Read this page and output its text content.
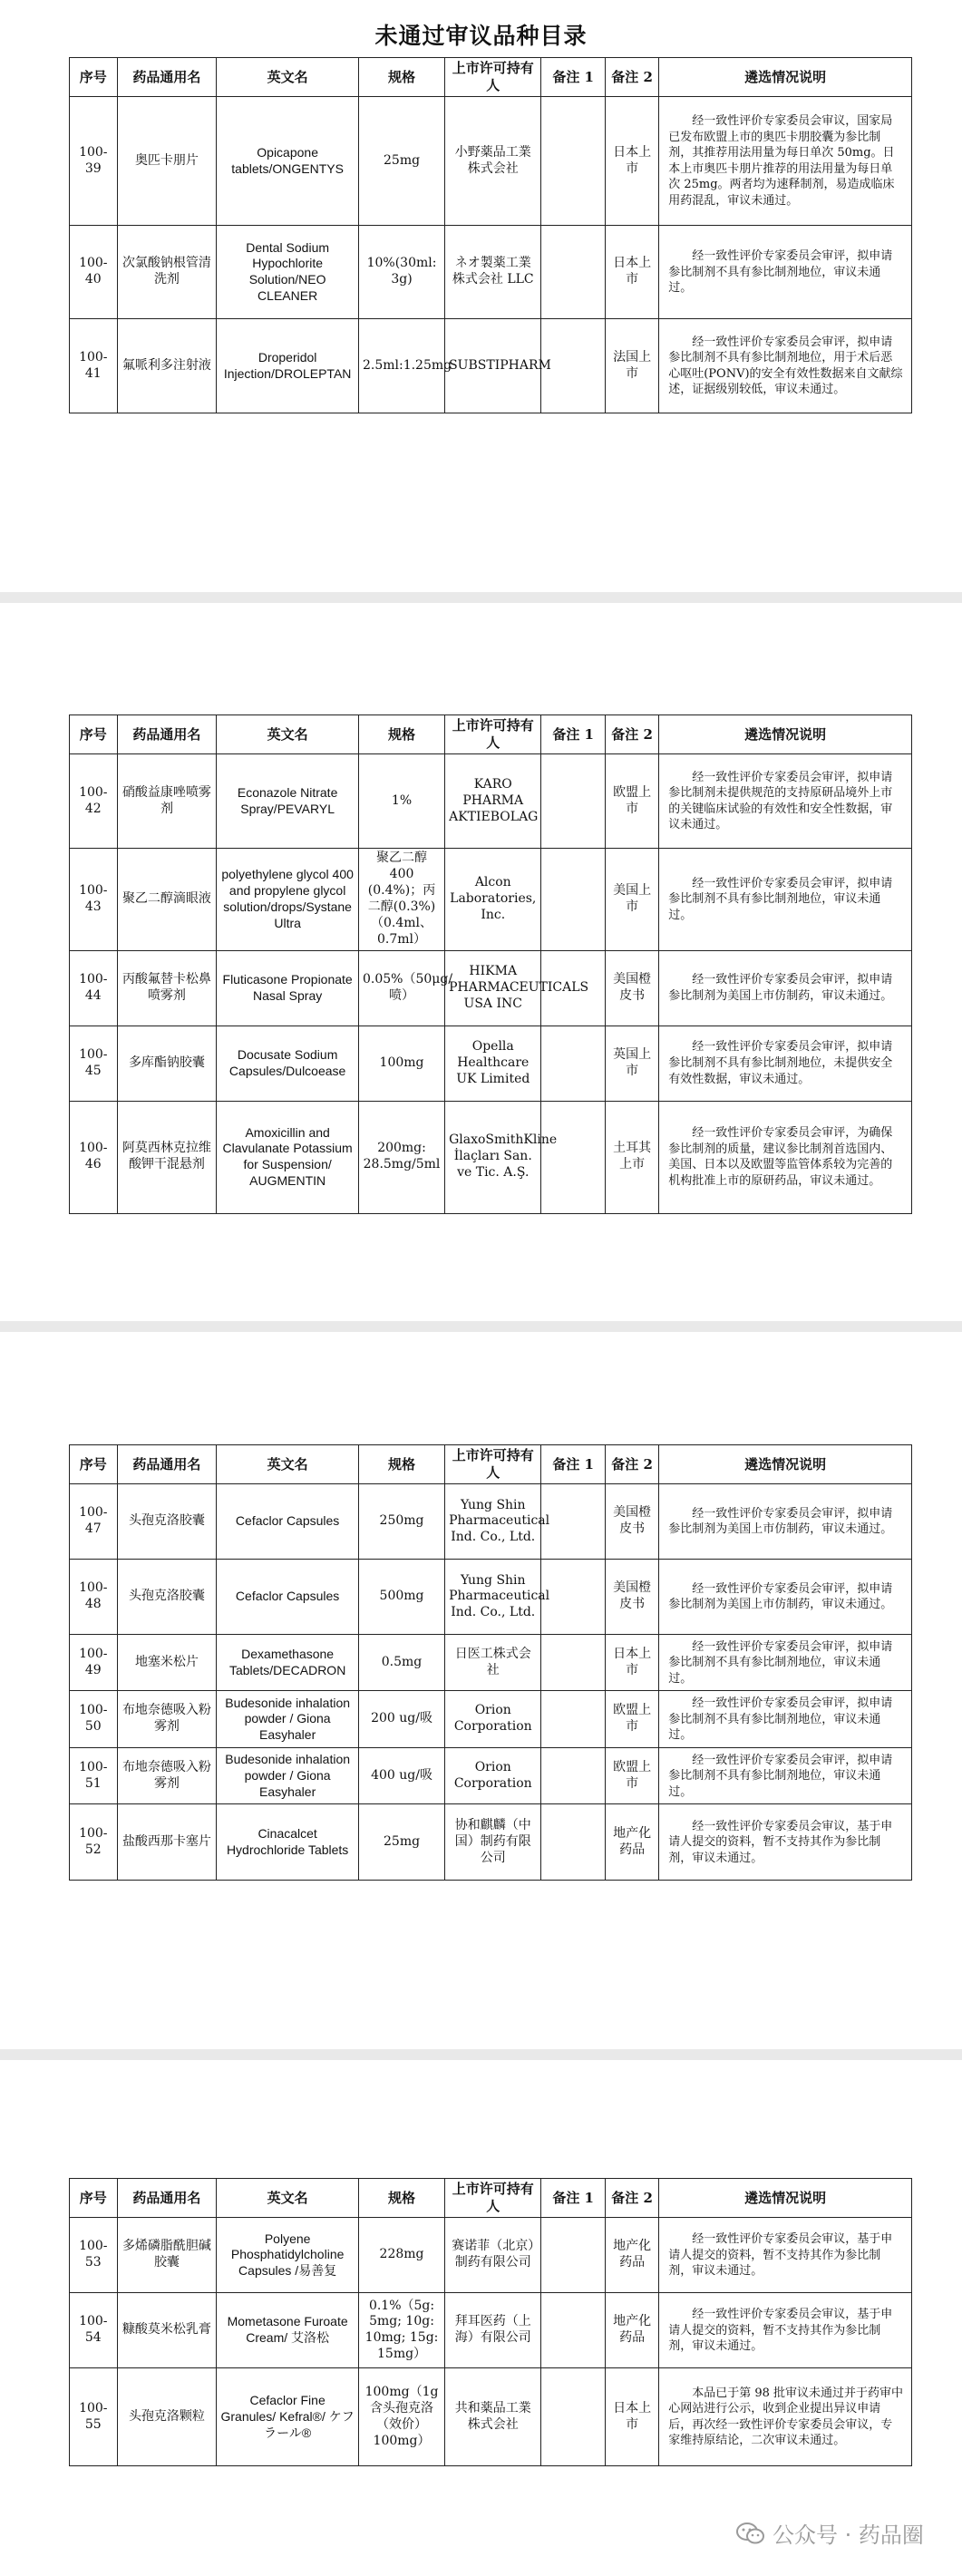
未通过审议品种目录
序号	药品通用名	英文名	规格	上市许可持有人	备注 1	备注 2	遴选情况说明
100-39	奥匹卡朋片	Opicapone tablets/ONGENTYS	25mg	小野薬品工業株式会社		日本上市	经一致性评价专家委员会审议，国家局已发布欧盟上市的奥匹卡朋胶囊为参比制剂，其推荐用法用量为每日单次 50mg。日本上市奥匹卡朋片推荐的用法用量为每日单次 25mg。两者均为速释制剂，易造成临床用药混乱，审议未通过。
100-40	次氯酸钠根管清洗剂	Dental Sodium Hypochlorite Solution/NEO CLEANER	10%(30ml: 3g)	ネオ製薬工業株式会社 LLC		日本上市	经一致性评价专家委员会审评，拟申请参比制剂不具有参比制剂地位，审议未通过。
100-41	氟哌利多注射液	Droperidol Injection/DROLEPTAN	2.5ml:1.25mg	SUBSTIPHARM		法国上市	经一致性评价专家委员会审评，拟申请参比制剂不具有参比制剂地位，用于术后恶心呕吐(PONV)的安全有效性数据来自文献综述，证据级别较低，审议未通过。
序号	药品通用名	英文名	规格	上市许可持有人	备注 1	备注 2	遴选情况说明
100-42	硝酸益康唑喷雾剂	Econazole Nitrate Spray/PEVARYL	1%	KARO PHARMA AKTIEBOLAG		欧盟上市	经一致性评价专家委员会审评，拟申请参比制剂未提供规范的支持原研品境外上市的关键临床试验的有效性和安全性数据，审议未通过。
100-43	聚乙二醇滴眼液	polyethylene glycol 400 and propylene glycol solution/drops/Systane Ultra	聚乙二醇 400 (0.4%)；丙二醇(0.3%) （0.4ml、0.7ml）	Alcon Laboratories, Inc.		美国上市	经一致性评价专家委员会审评，拟申请参比制剂不具有参比制剂地位，审议未通过。
100-44	丙酸氟替卡松鼻喷雾剂	Fluticasone Propionate Nasal Spray	0.05%（50μg/喷）	HIKMA PHARMACEUTICALS USA INC		美国橙皮书	经一致性评价专家委员会审评，拟申请参比制剂为美国上市仿制药，审议未通过。
100-45	多库酯钠胶囊	Docusate Sodium Capsules/Dulcoease	100mg	Opella Healthcare UK Limited		英国上市	经一致性评价专家委员会审评，拟申请参比制剂不具有参比制剂地位，未提供安全有效性数据，审议未通过。
100-46	阿莫西林克拉维酸钾干混悬剂	Amoxicillin and Clavulanate Potassium for Suspension/ AUGMENTIN	200mg: 28.5mg/5ml	GlaxoSmithKline İlaçları San. ve Tic. A.Ş.		土耳其上市	经一致性评价专家委员会审评，为确保参比制剂的质量，建议参比制剂首选国内、美国、日本以及欧盟等监管体系较为完善的机构批准上市的原研药品，审议未通过。
序号	药品通用名	英文名	规格	上市许可持有人	备注 1	备注 2	遴选情况说明
100-47	头孢克洛胶囊	Cefaclor Capsules	250mg	Yung Shin Pharmaceutical Ind. Co., Ltd.		美国橙皮书	经一致性评价专家委员会审评，拟申请参比制剂为美国上市仿制药，审议未通过。
100-48	头孢克洛胶囊	Cefaclor Capsules	500mg	Yung Shin Pharmaceutical Ind. Co., Ltd.		美国橙皮书	经一致性评价专家委员会审评，拟申请参比制剂为美国上市仿制药，审议未通过。
100-49	地塞米松片	Dexamethasone Tablets/DECADRON	0.5mg	日医工株式会社		日本上市	经一致性评价专家委员会审评，拟申请参比制剂不具有参比制剂地位，审议未通过。
100-50	布地奈德吸入粉雾剂	Budesonide inhalation powder / Giona Easyhaler	200 ug/吸	Orion Corporation		欧盟上市	经一致性评价专家委员会审评，拟申请参比制剂不具有参比制剂地位，审议未通过。
100-51	布地奈德吸入粉雾剂	Budesonide inhalation powder / Giona Easyhaler	400 ug/吸	Orion Corporation		欧盟上市	经一致性评价专家委员会审评，拟申请参比制剂不具有参比制剂地位，审议未通过。
100-52	盐酸西那卡塞片	Cinacalcet Hydrochloride Tablets	25mg	协和麒麟（中国）制药有限公司		地产化药品	经一致性评价专家委员会审议，基于申请人提交的资料，暂不支持其作为参比制剂，审议未通过。
序号	药品通用名	英文名	规格	上市许可持有人	备注 1	备注 2	遴选情况说明
100-53	多烯磷脂酰胆碱胶囊	Polyene Phosphatidylcholine Capsules /易善复	228mg	赛诺菲（北京）制药有限公司		地产化药品	经一致性评价专家委员会审议，基于申请人提交的资料，暂不支持其作为参比制剂，审议未通过。
100-54	糠酸莫米松乳膏	Mometasone Furoate Cream/ 艾洛松	0.1%（5g: 5mg; 10g: 10mg; 15g: 15mg）	拜耳医药（上海）有限公司		地产化药品	经一致性评价专家委员会审议，基于申请人提交的资料，暂不支持其作为参比制剂，审议未通过。
100-55	头孢克洛颗粒	Cefaclor Fine Granules/ Kefral®/ ケフラール®	100mg（1g 含头孢克洛（效价）100mg）	共和薬品工業株式会社		日本上市	本品已于第 98 批审议未通过并于药审中心网站进行公示，收到企业提出异议申请后，再次经一致性评价专家委员会审议，专家维持原结论，二次审议未通过。
公众号 · 药品圈
